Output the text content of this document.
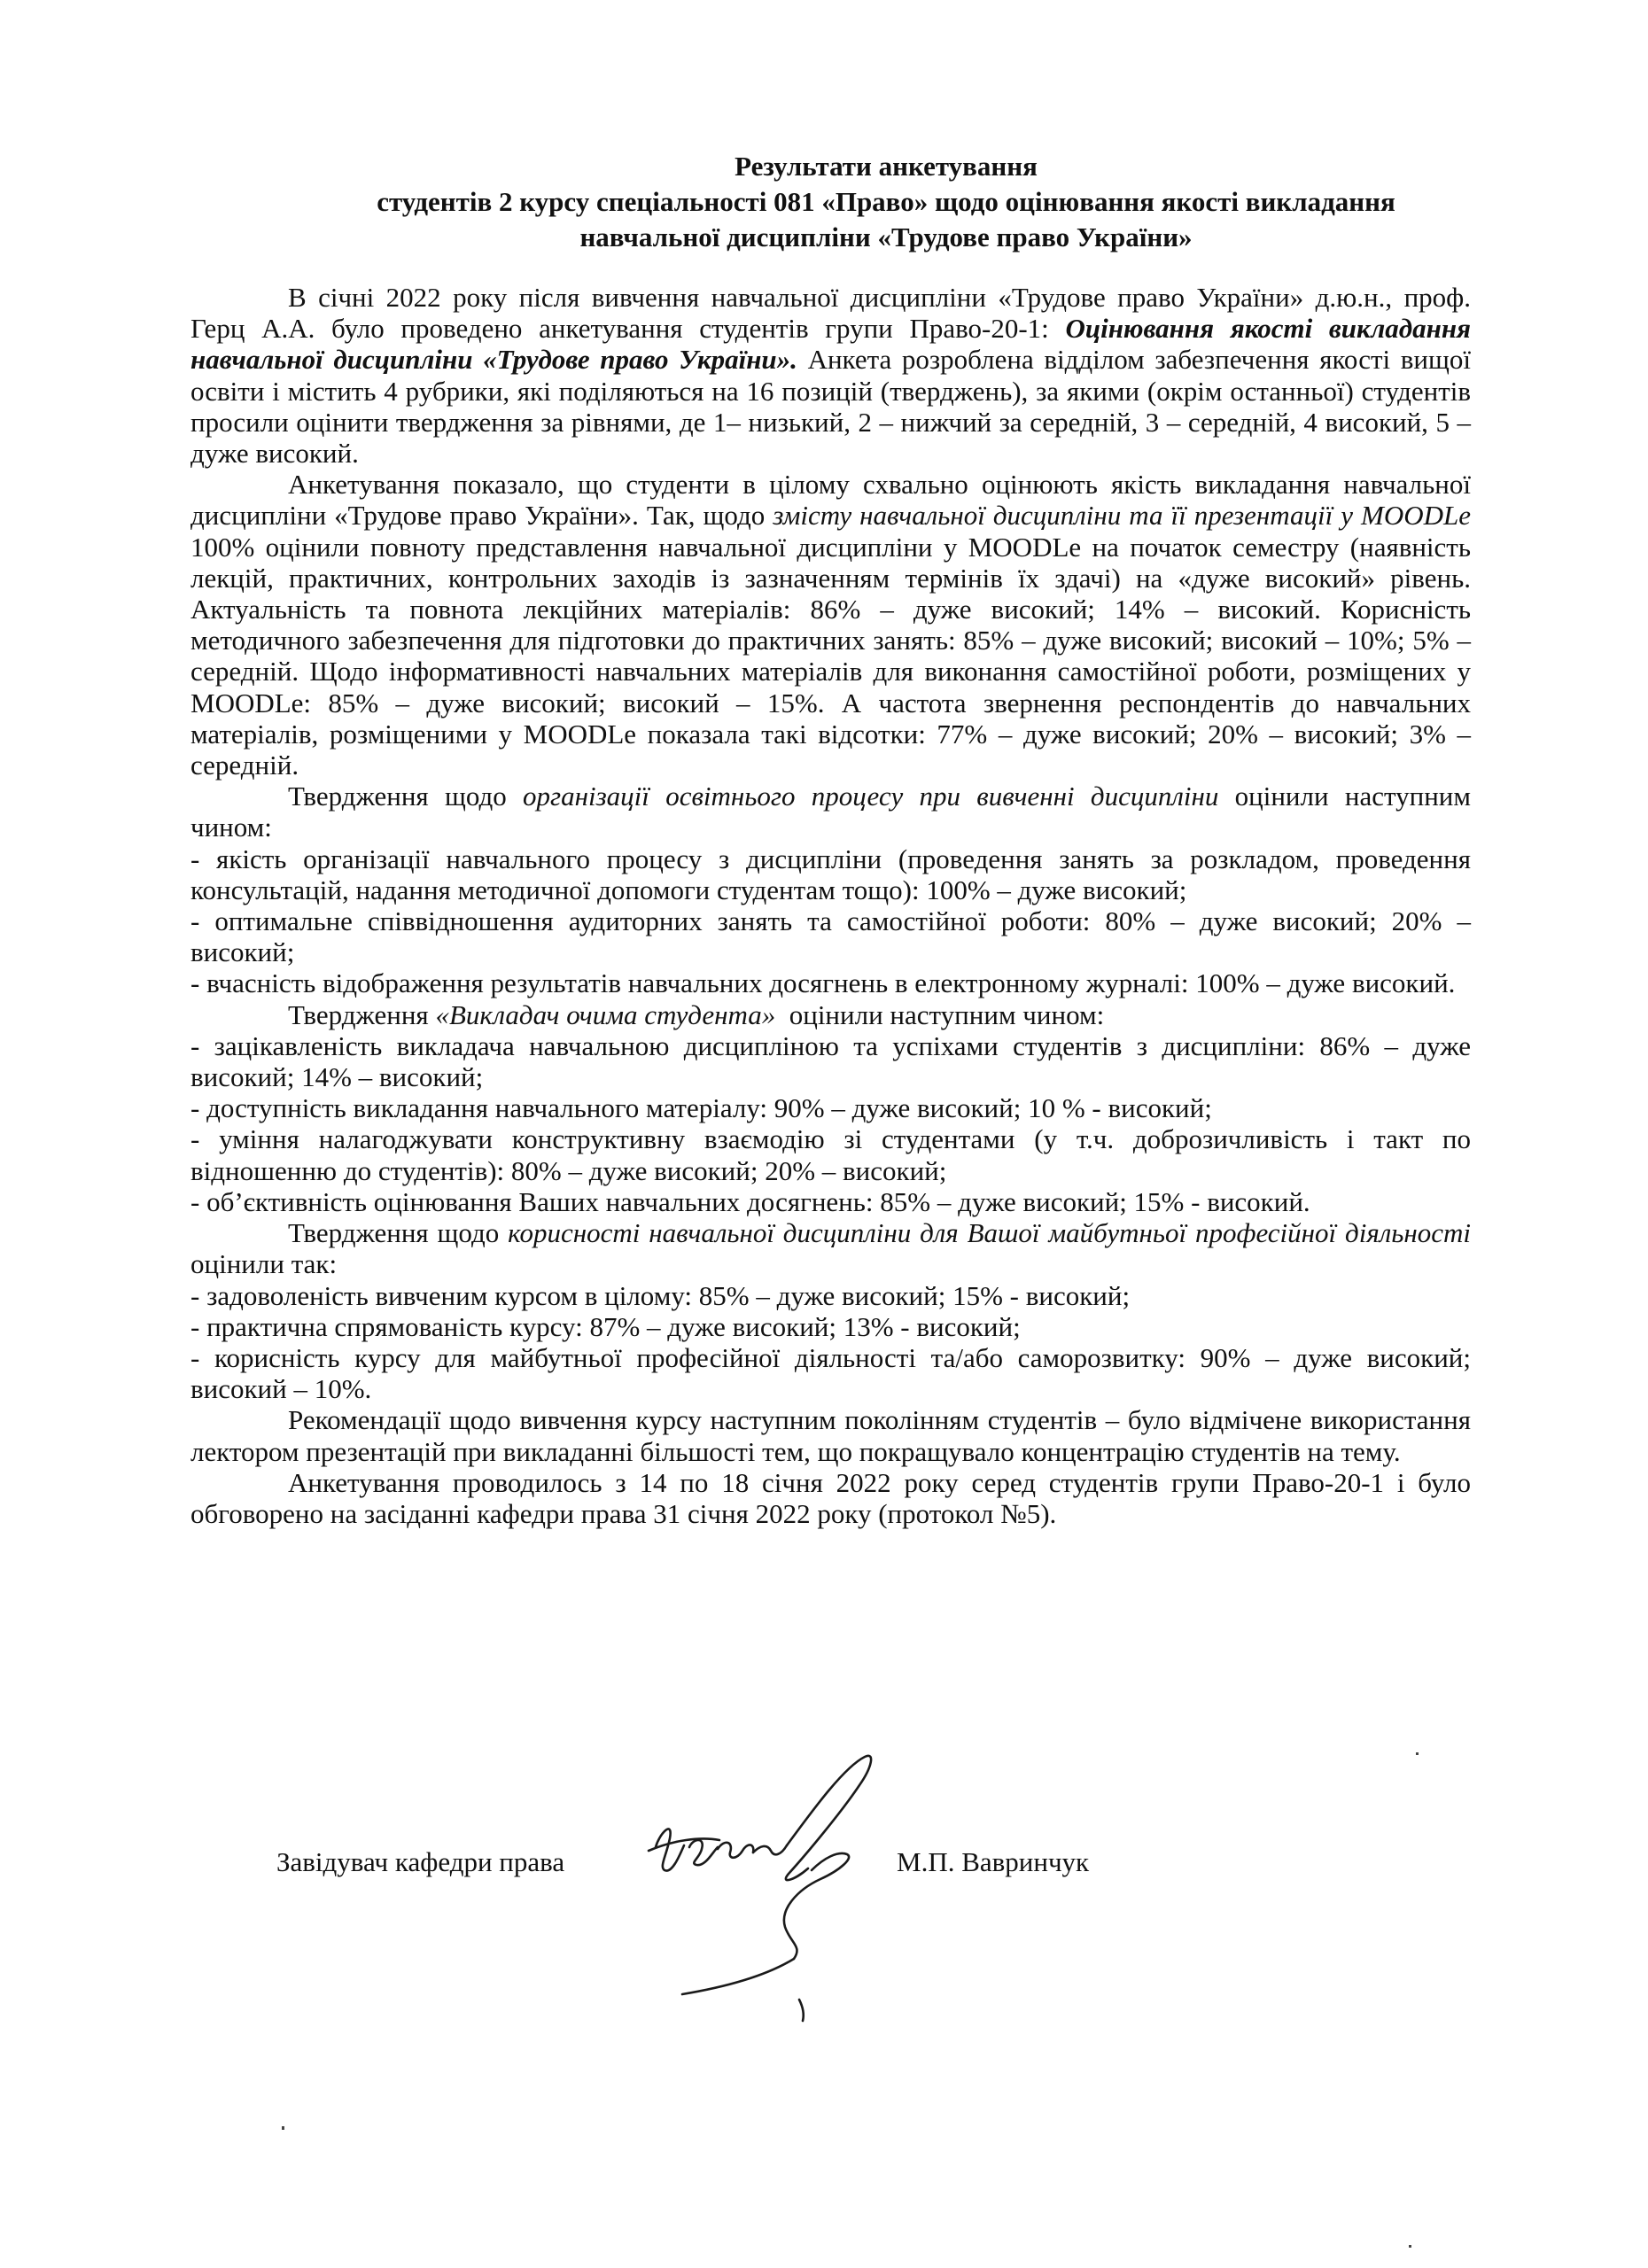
Результати анкетування
студентів 2 курсу спеціальності 081 «Право» щодо оцінювання якості викладання
навчальної дисципліни «Трудове право України»

В січні 2022 року після вивчення навчальної дисципліни «Трудове право України» д.ю.н., проф. Герц А.А. було проведено анкетування студентів групи Право-20-1: Оцінювання якості викладання навчальної дисципліни «Трудове право України». Анкета розроблена відділом забезпечення якості вищої освіти і містить 4 рубрики, які поділяються на 16 позицій (тверджень), за якими (окрім останньої) студентів просили оцінити твердження за рівнями, де 1– низький, 2 – нижчий за середній, 3 – середній, 4 високий, 5 – дуже високий.

Анкетування показало, що студенти в цілому схвально оцінюють якість викладання навчальної дисципліни «Трудове право України». Так, щодо змісту навчальної дисципліни та її презентації у MOODLe 100% оцінили повноту представлення навчальної дисципліни у MOODLe на початок семестру (наявність лекцій, практичних, контрольних заходів із зазначенням термінів їх здачі) на «дуже високий» рівень. Актуальність та повнота лекційних матеріалів: 86% – дуже високий; 14% – високий. Корисність методичного забезпечення для підготовки до практичних занять: 85% – дуже високий; високий – 10%; 5% – середній. Щодо інформативності навчальних матеріалів для виконання самостійної роботи, розміщених у MOODLe: 85% – дуже високий; високий – 15%. А частота звернення респондентів до навчальних матеріалів, розміщеними у MOODLe показала такі відсотки: 77% – дуже високий; 20% – високий; 3% – середній.

Твердження щодо організації освітнього процесу при вивченні дисципліни оцінили наступним чином:

- якість організації навчального процесу з дисципліни (проведення занять за розкладом, проведення консультацій, надання методичної допомоги студентам тощо): 100% – дуже високий;

- оптимальне співвідношення аудиторних занять та самостійної роботи: 80% – дуже високий; 20% – високий;

- вчасність відображення результатів навчальних досягнень в електронному журналі: 100% – дуже високий.

Твердження «Викладач очима студента»  оцінили наступним чином:

- зацікавленість викладача навчальною дисципліною та успіхами студентів з дисципліни: 86% – дуже високий; 14% – високий;

- доступність викладання навчального матеріалу: 90% – дуже високий; 10 % - високий;

- уміння налагоджувати конструктивну взаємодію зі студентами (у т.ч. доброзичливість і такт по відношенню до студентів): 80% – дуже високий; 20% – високий;

- об’єктивність оцінювання Ваших навчальних досягнень: 85% – дуже високий; 15% - високий.

Твердження щодо корисності навчальної дисципліни для Вашої майбутньої професійної діяльності оцінили так:

- задоволеність вивченим курсом в цілому: 85% – дуже високий; 15% - високий;

- практична спрямованість курсу: 87% – дуже високий; 13% - високий;

- корисність курсу для майбутньої професійної діяльності та/або саморозвитку: 90% – дуже високий; високий – 10%.

Рекомендації щодо вивчення курсу наступним поколінням студентів – було відмічене використання лектором презентацій при викладанні більшості тем, що покращувало концентрацію студентів на тему.

Анкетування проводилось з 14 по 18 січня 2022 року серед студентів групи Право-20-1 і було обговорено на засіданні кафедри права 31 січня 2022 року (протокол №5).

Завідувач кафедри права	М.П. Вавринчук
